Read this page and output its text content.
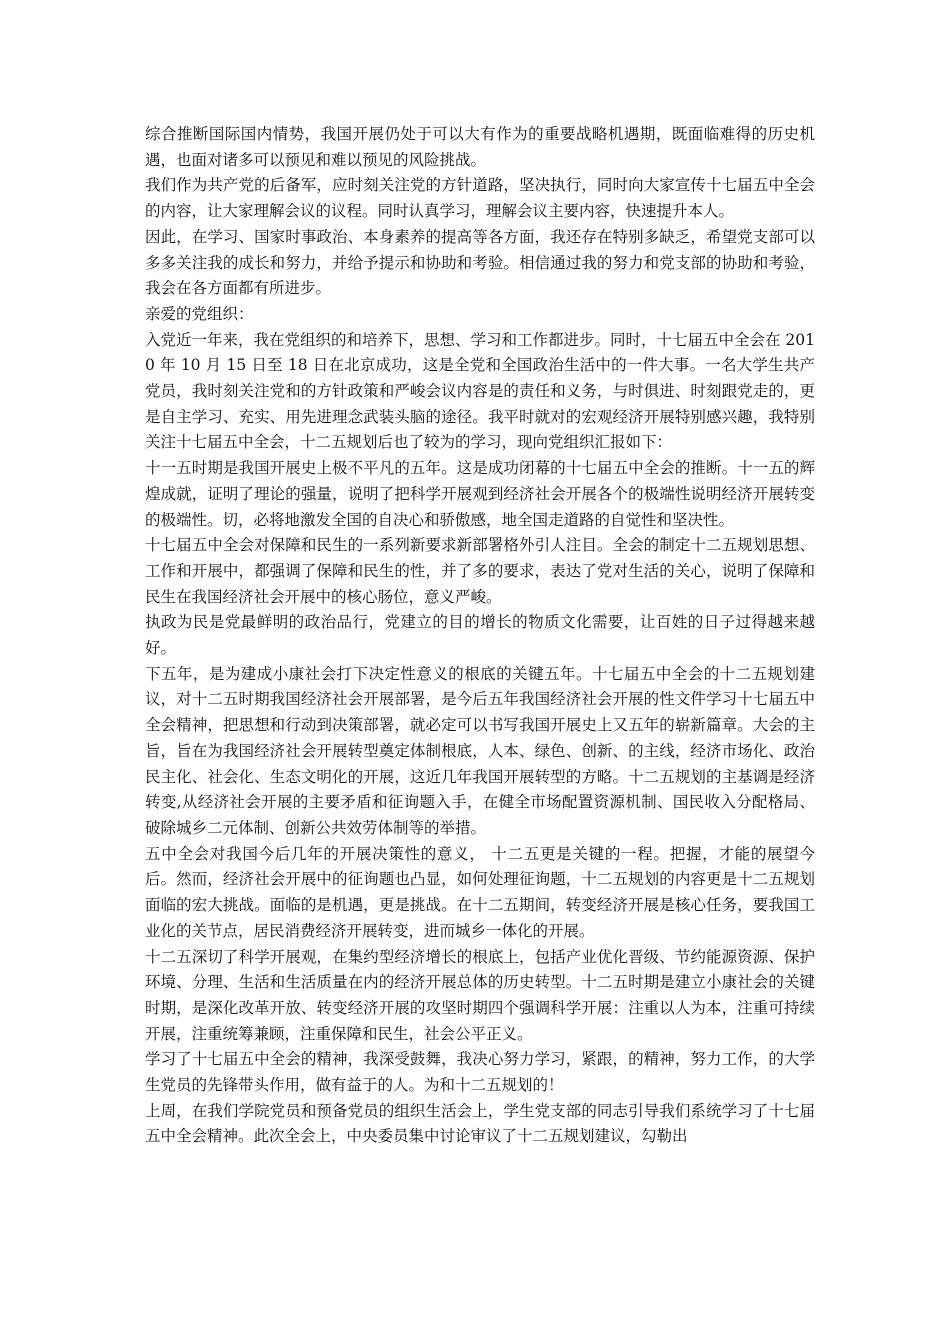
综合推断国际国内情势，我国开展仍处于可以大有作为的重要战略机遇期，既面临难得的历史机遇，也面对诸多可以预见和难以预见的风险挑战。

我们作为共产党的后备军，应时刻关注党的方针道路，坚决执行，同时向大家宣传十七届五中全会的内容，让大家理解会议的议程。同时认真学习，理解会议主要内容，快速提升本人。

因此，在学习、国家时事政治、本身素养的提高等各方面，我还存在特别多缺乏，希望党支部可以多多关注我的成长和努力，并给予提示和协助和考验。相信通过我的努力和党支部的协助和考验，我会在各方面都有所进步。

亲爱的党组织：

入党近一年来，我在党组织的和培养下，思想、学习和工作都进步。同时，十七届五中全会在 2010 年 10 月 15 日至 18 日在北京成功，这是全党和全国政治生活中的一件大事。一名大学生共产党员，我时刻关注党和的方针政策和严峻会议内容是的责任和义务，与时俱进、时刻跟党走的，更是自主学习、充实、用先进理念武装头脑的途径。我平时就对的宏观经济开展特别感兴趣，我特别关注十七届五中全会，十二五规划后也了较为的学习，现向党组织汇报如下：

十一五时期是我国开展史上极不平凡的五年。这是成功闭幕的十七届五中全会的推断。十一五的辉煌成就，证明了理论的强量，说明了把科学开展观到经济社会开展各个的极端性说明经济开展转变的极端性。切，必将地激发全国的自决心和骄傲感，地全国走道路的自觉性和坚决性。

十七届五中全会对保障和民生的一系列新要求新部署格外引人注目。全会的制定十二五规划思想、工作和开展中，都强调了保障和民生的性，并了多的要求，表达了党对生活的关心，说明了保障和民生在我国经济社会开展中的核心肠位，意义严峻。

执政为民是党最鲜明的政治品行，党建立的目的增长的物质文化需要，让百姓的日子过得越来越好。

下五年，是为建成小康社会打下决定性意义的根底的关键五年。十七届五中全会的十二五规划建议，对十二五时期我国经济社会开展部署，是今后五年我国经济社会开展的性文件学习十七届五中全会精神，把思想和行动到决策部署，就必定可以书写我国开展史上又五年的崭新篇章。大会的主旨，旨在为我国经济社会开展转型奠定体制根底，人本、绿色、创新、的主线，经济市场化、政治民主化、社会化、生态文明化的开展，这近几年我国开展转型的方略。十二五规划的主基调是经济转变,从经济社会开展的主要矛盾和征询题入手，在健全市场配置资源机制、国民收入分配格局、破除城乡二元体制、创新公共效劳体制等的举措。

五中全会对我国今后几年的开展决策性的意义， 十二五更是关键的一程。把握，才能的展望今后。然而，经济社会开展中的征询题也凸显，如何处理征询题，十二五规划的内容更是十二五规划面临的宏大挑战。面临的是机遇，更是挑战。在十二五期间，转变经济开展是核心任务，要我国工业化的关节点，居民消费经济开展转变，进而城乡一体化的开展。

十二五深切了科学开展观，在集约型经济增长的根底上，包括产业优化晋级、节约能源资源、保护环境、分理、生活和生活质量在内的经济开展总体的历史转型。十二五时期是建立小康社会的关键时期，是深化改革开放、转变经济开展的攻坚时期四个强调科学开展：注重以人为本，注重可持续开展，注重统筹兼顾，注重保障和民生，社会公平正义。

学习了十七届五中全会的精神，我深受鼓舞，我决心努力学习，紧跟，的精神，努力工作，的大学生党员的先锋带头作用，做有益于的人。为和十二五规划的！

上周，在我们学院党员和预备党员的组织生活会上，学生党支部的同志引导我们系统学习了十七届五中全会精神。此次全会上，中央委员集中讨论审议了十二五规划建议，勾勒出
